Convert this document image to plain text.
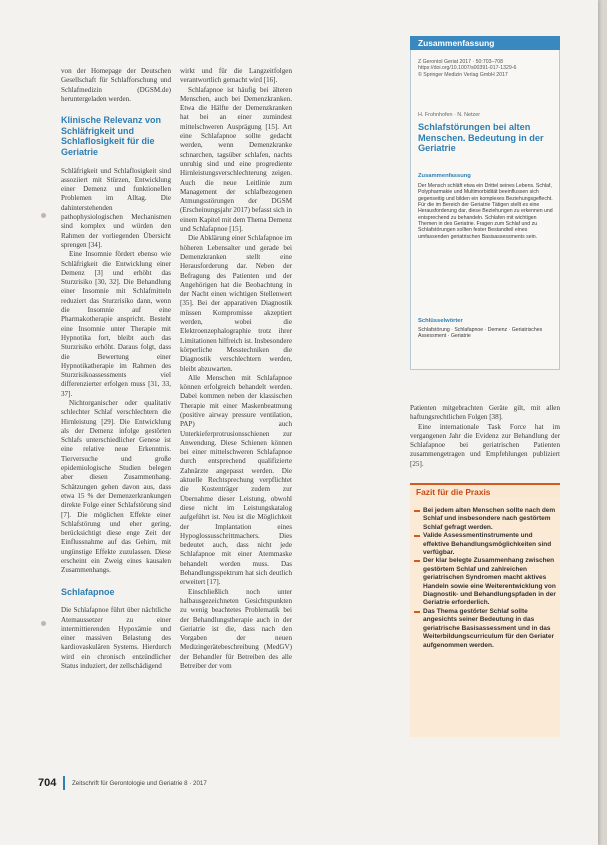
von der Homepage der Deutschen Gesellschaft für Schlafforschung und Schlafmedizin (DGSM.de) heruntergeladen werden.

Klinische Relevanz von Schläfrigkeit und Schlaflosigkeit für die Geriatrie

Schläfrigkeit und Schlaflosigkeit sind assoziiert mit Stürzen, Entwicklung einer Demenz und funktionellen Problemen im Alltag. Die dahinterstehenden pathophysiologischen Mechanismen sind komplex und würden den Rahmen der vorliegenden Übersicht sprengen [34].

Eine Insomnie fördert ebenso wie Schläfrigkeit die Entwicklung einer Demenz [3] und erhöht das Sturzrisiko [30, 32]. Die Behandlung einer Insomnie mit Schlafmitteln reduziert das Sturzrisiko dann, wenn die Insomnie auf eine Pharmakotherapie anspricht. Besteht eine Insomnie unter Therapie mit Hypnotika fort, bleibt auch das Sturzrisiko erhöht. Daraus folgt, dass die Bewertung einer Hypnotikatherapie im Rahmen des Sturzrisikoassessments viel differenzierter erfolgen muss [31, 33, 37].

Nichtorganischer oder qualitativ schlechter Schlaf verschlechtern die Hirnleistung [29]. Die Entwicklung als der Demenz infolge gestörten Schlafs unterschiedlicher Genese ist eine relative neue Erkenntnis. Tierversuche und große epidemiologische Studien belegen aber diesen Zusammenhang. Schätzungen gehen davon aus, dass etwa 15 % der Demenzerkrankungen direkte Folge einer Schlafstörung sind [7]. Die möglichen Effekte einer Schlafstörung und eher gering, berücksichtigt diese enge Zeit der Einflussnahme auf das Gehirn, mit ungünstige Effekte zuzulassen. Diese erscheint ein Zweig eines kausalen Zusammenhangs.

Schlafapnoe

Die Schlafapnoe führt über nächtliche Atemaussetzer zu einer intermittierenden Hypoxämie und einer massiven Belastung des kardiovaskulären Systems. Hierdurch wird ein chronisch entzündlicher Status induziert, der zellschädigend

wirkt und für die Langzeitfolgen verantwortlich gemacht wird [16].

Schlafapnoe ist häufig bei älteren Menschen, auch bei Demenzkranken. Etwa die Hälfte der Demenzkranken hat bei an einer zumindest mittelschweren Ausprägung [15]. Art eine Schlafapnoe sollte gedacht werden, wenn Demenzkranke schnarchen, tagsüber schlafen, nachts unruhig sind und eine progrediente Hirnleistungsverschlechterung zeigen. Auch die neue Leitlinie zum Management der schlafbezogenen Atmungsstörungen der DGSM (Erscheinungsjahr 2017) befasst sich in einem Kapitel mit dem Thema Demenz und Schlafapnoe [15].

Die Abklärung einer Schlafapnoe im höheren Lebensalter und gerade bei Demenzkranken stellt eine Herausforderung dar. Neben der Befragung des Patienten und der Angehörigen hat die Beobachtung in der Nacht einen wichtigen Stellenwert [35]. Bei der apparativen Diagnostik müssen Kompromisse akzeptiert werden, wobei die Elektroenzephalographie trotz ihrer Limitationen hilfreich ist. Insbesondere körperliche Messtechniken die Diagnostik verschlechtern werden, bleibt abzuwarten.

Alle Menschen mit Schlafapnoe können erfolgreich behandelt werden. Dabei kommen neben der klassischen Therapie mit einer Maskenbeatmung (positive airway pressure ventilation, PAP) auch Unterkieferprotrusionsschienen zur Anwendung. Diese Schienen können bei einer mittelschweren Schlafapnoe durch entsprechend qualifizierte Zahnärzte angepasst werden. Die aktuelle Rechtsprechung verpflichtet die Kostenträger zudem zur Übernahme dieser Leistung, obwohl diese nicht im Leistungskatalog aufgeführt ist. Neu ist die Möglichkeit der Implantation eines Hypoglossusschrittmachers. Dies bedeutet auch, dass nicht jede Schlafapnoe mit einer Atemmaske behandelt werden muss. Das Behandlungsspektrum hat sich deutlich erweitert [17].

Einschließlich noch unter halbausgezeichneten Gesichtspunkten zu wenig beachtetes Problematik bei der Behandlungstherapie auch in der Geriatrie ist die, dass nach den Vorgaben der neuen Medizingerätebeschreibung (MedGV) der Behandler für Betreiben des alle Betreiber der vom

Zusammenfassung
Z Gerontol Geriat 2017 · 50:703–708
https://doi.org/10.1007/s00391-017-1329-6
© Springer Medizin Verlag GmbH 2017
H. Frohnhofen · N. Netzer
Schlafstörungen bei alten Menschen. Bedeutung in der Geriatrie
Zusammenfassung
Der Mensch schläft etwa ein Drittel seines Lebens. Schlaf, Polypharmakie und Multimorbidität beeinflussen sich gegenseitig und bilden ein komplexes Beziehungsgeflecht. Für die im Bereich der Geriatrie Tätigen stellt es eine Herausforderung dar, diese Beziehungen zu erkennen und entsprechend zu behandeln. Schlafen mit wichtigen Themen in des Geriatrie. Fragen zum Schlaf und zu Schlafstörungen sollten fester Bestandteil eines umfassenden geriatrischen Basisassessments sein.
Schlüsselwörter
Schlafstörung · Schlafapnoe · Demenz · Geriatrisches Assessment · Geriatrie

Patienten mitgebrachten Geräte gilt, mit allen haftungsrechtlichen Folgen [38].

Eine internationale Task Force hat im vergangenen Jahr die Evidenz zur Behandlung der Schlafapnoe bei geriatrischen Patienten zusammengetragen und Empfehlungen publiziert [25].

Fazit für die Praxis
Bei jedem alten Menschen sollte nach dem Schlaf und insbesondere nach gestörtem Schlaf gefragt werden.
Valide Assessmentinstrumente und effektive Behandlungsmöglichkeiten sind verfügbar.
Der klar belegte Zusammenhang zwischen gestörtem Schlaf und zahlreichen geriatrischen Syndromen macht aktives Handeln sowie eine Weiterentwicklung von Diagnostik- und Behandlungspfaden in der Geriatrie erforderlich.
Das Thema gestörter Schlaf sollte angesichts seiner Bedeutung in das geriatrische Basisassessment und in das Weiterbildungscurriculum für den Geriater aufgenommen werden.
704	Zeitschrift für Gerontologie und Geriatrie 8 · 2017
